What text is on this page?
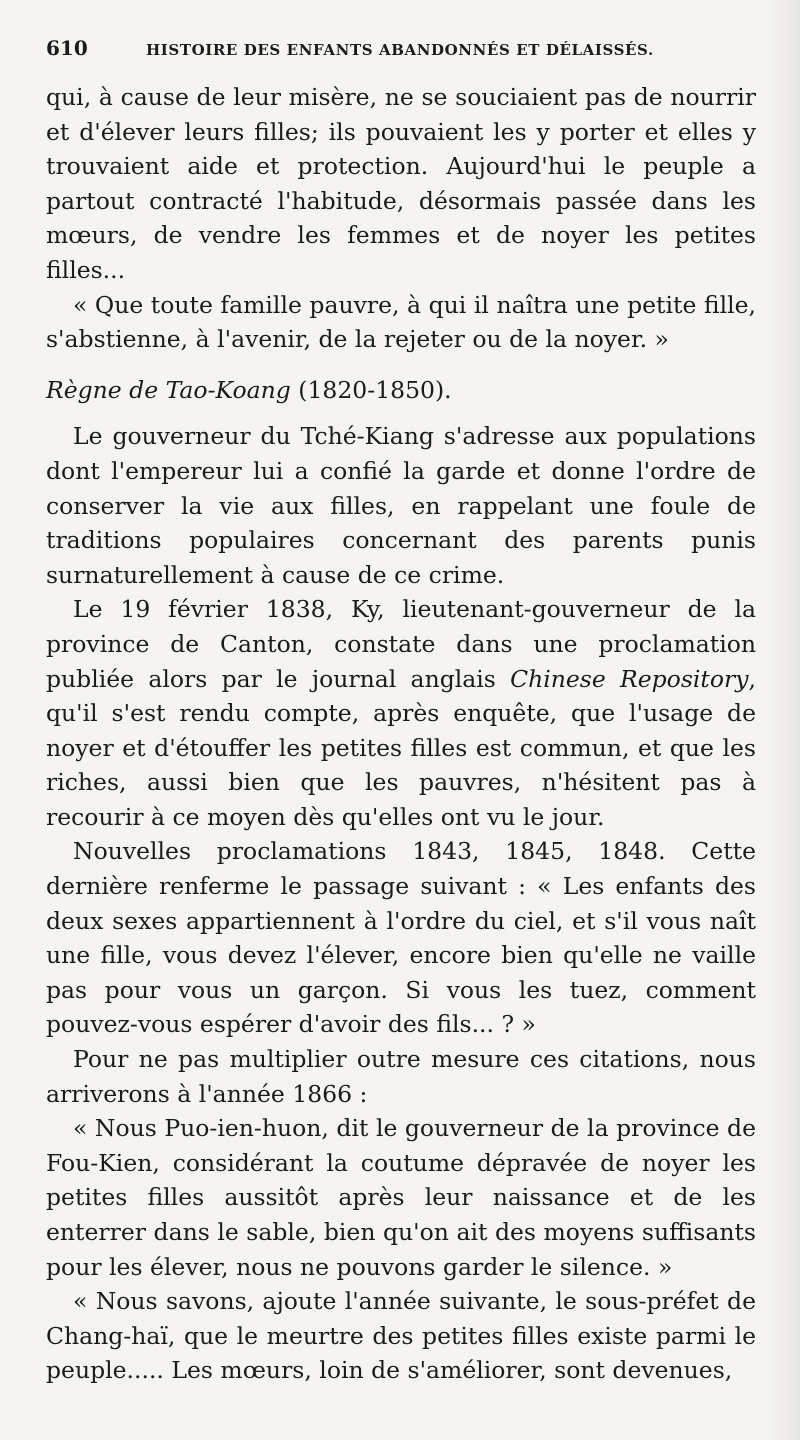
610	HISTOIRE DES ENFANTS ABANDONNÉS ET DÉLAISSÉS.

qui, à cause de leur misère, ne se souciaient pas de nourrir et d'élever leurs filles; ils pouvaient les y porter et elles y trouvaient aide et protection. Aujourd'hui le peuple a partout contracté l'habitude, désormais passée dans les mœurs, de vendre les femmes et de noyer les petites filles...

« Que toute famille pauvre, à qui il naîtra une petite fille, s'abstienne, à l'avenir, de la rejeter ou de la noyer. »

Règne de Tao-Koang (1820-1850).

Le gouverneur du Tché-Kiang s'adresse aux populations dont l'empereur lui a confié la garde et donne l'ordre de conserver la vie aux filles, en rappelant une foule de traditions populaires concernant des parents punis surnaturellement à cause de ce crime.

Le 19 février 1838, Ky, lieutenant-gouverneur de la province de Canton, constate dans une proclamation publiée alors par le journal anglais Chinese Repository, qu'il s'est rendu compte, après enquête, que l'usage de noyer et d'étouffer les petites filles est commun, et que les riches, aussi bien que les pauvres, n'hésitent pas à recourir à ce moyen dès qu'elles ont vu le jour.

Nouvelles proclamations 1843, 1845, 1848. Cette dernière renferme le passage suivant : « Les enfants des deux sexes appartiennent à l'ordre du ciel, et s'il vous naît une fille, vous devez l'élever, encore bien qu'elle ne vaille pas pour vous un garçon. Si vous les tuez, comment pouvez-vous espérer d'avoir des fils... ? »

Pour ne pas multiplier outre mesure ces citations, nous arriverons à l'année 1866 :

« Nous Puo-ien-huon, dit le gouverneur de la province de Fou-Kien, considérant la coutume dépravée de noyer les petites filles aussitôt après leur naissance et de les enterrer dans le sable, bien qu'on ait des moyens suffisants pour les élever, nous ne pouvons garder le silence. »

« Nous savons, ajoute l'année suivante, le sous-préfet de Chang-haï, que le meurtre des petites filles existe parmi le peuple..... Les mœurs, loin de s'améliorer, sont devenues,
